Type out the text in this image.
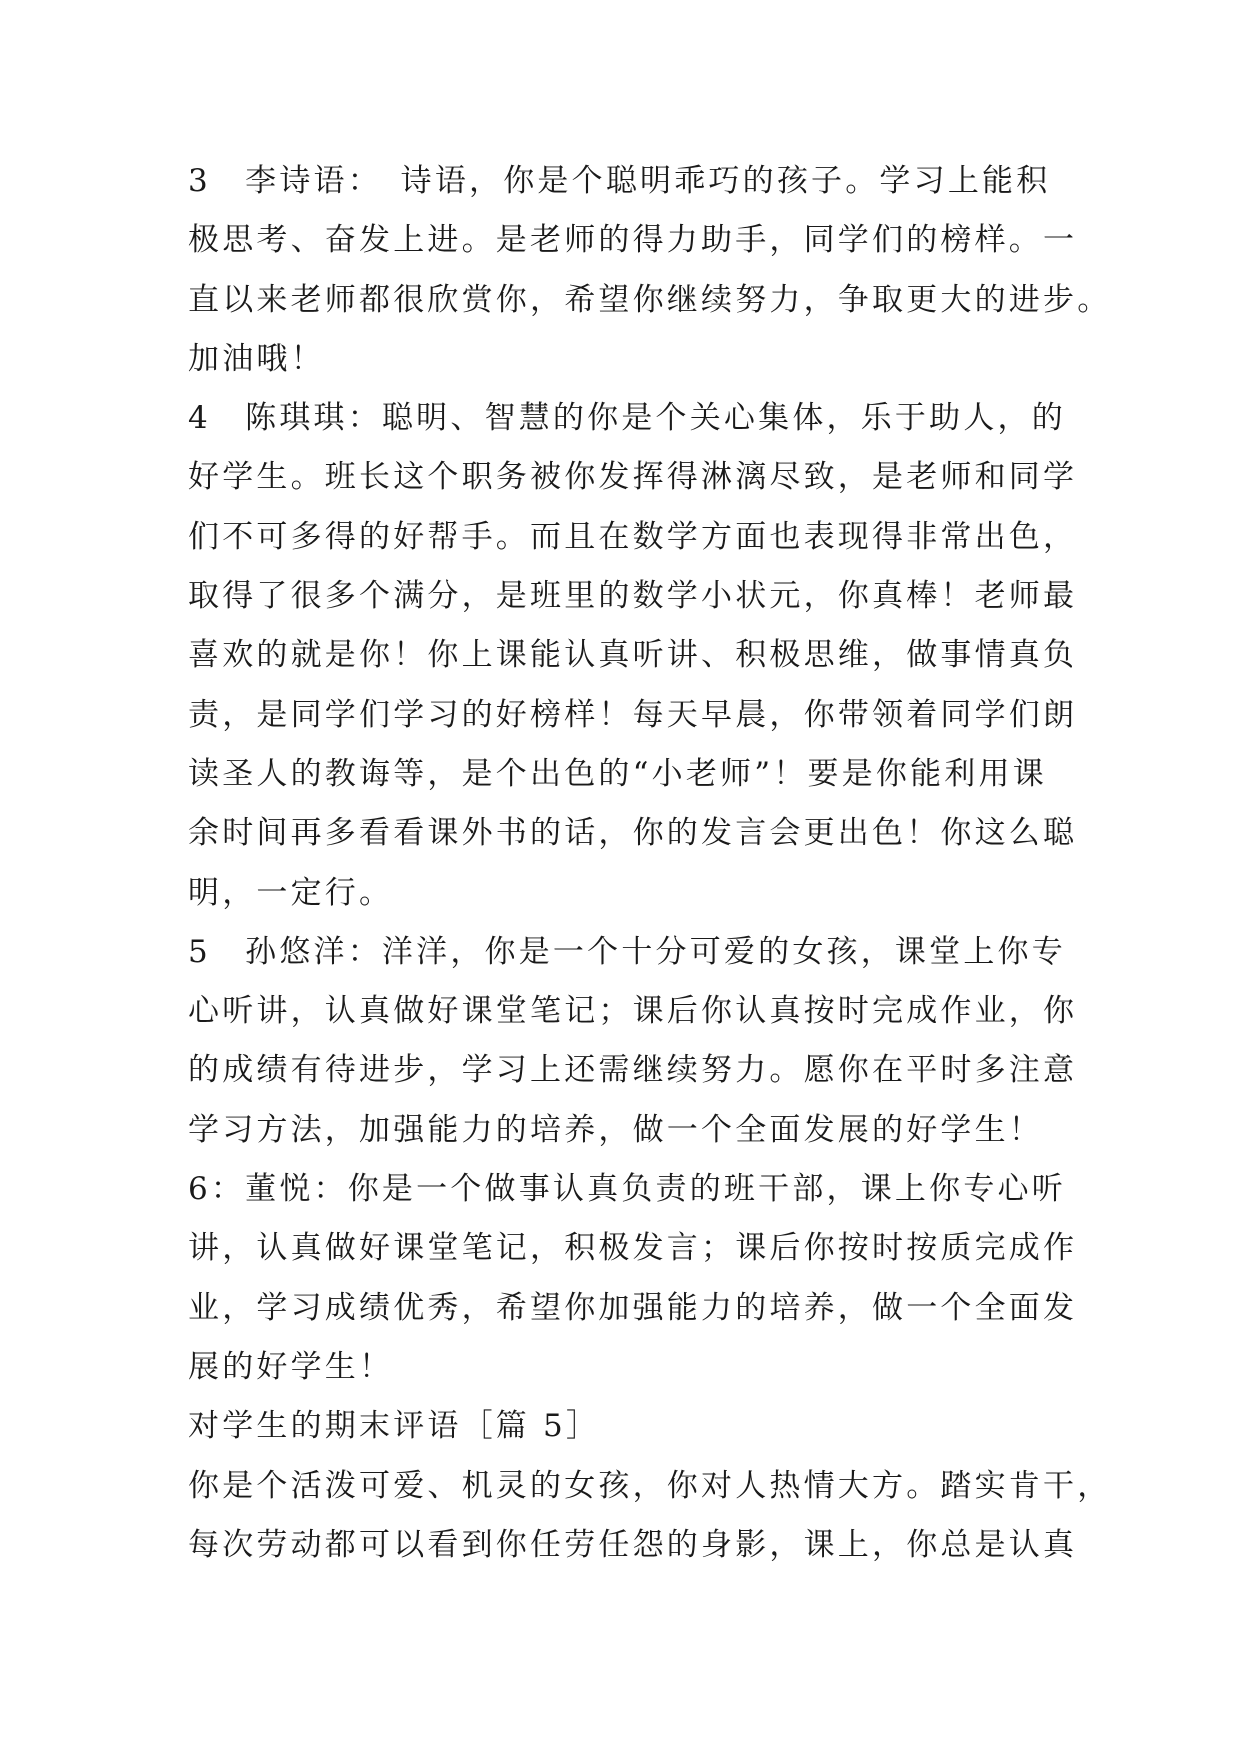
3　李诗语：　诗语，你是个聪明乖巧的孩子。学习上能积
极思考、奋发上进。是老师的得力助手，同学们的榜样。一
直以来老师都很欣赏你，希望你继续努力，争取更大的进步。
加油哦！
4　陈琪琪：聪明、智慧的你是个关心集体，乐于助人，的
好学生。班长这个职务被你发挥得淋漓尽致，是老师和同学
们不可多得的好帮手。而且在数学方面也表现得非常出色，
取得了很多个满分，是班里的数学小状元，你真棒！老师最
喜欢的就是你！你上课能认真听讲、积极思维，做事情真负
责，是同学们学习的好榜样！每天早晨，你带领着同学们朗
读圣人的教诲等，是个出色的“小老师”！要是你能利用课
余时间再多看看课外书的话，你的发言会更出色！你这么聪
明，一定行。
5　孙悠洋：洋洋，你是一个十分可爱的女孩，课堂上你专
心听讲，认真做好课堂笔记；课后你认真按时完成作业，你
的成绩有待进步，学习上还需继续努力。愿你在平时多注意
学习方法，加强能力的培养，做一个全面发展的好学生！
6：董悦：你是一个做事认真负责的班干部，课上你专心听
讲，认真做好课堂笔记，积极发言；课后你按时按质完成作
业，学习成绩优秀，希望你加强能力的培养，做一个全面发
展的好学生！
对学生的期末评语［篇 5］
你是个活泼可爱、机灵的女孩，你对人热情大方。踏实肯干，
每次劳动都可以看到你任劳任怨的身影，课上，你总是认真
